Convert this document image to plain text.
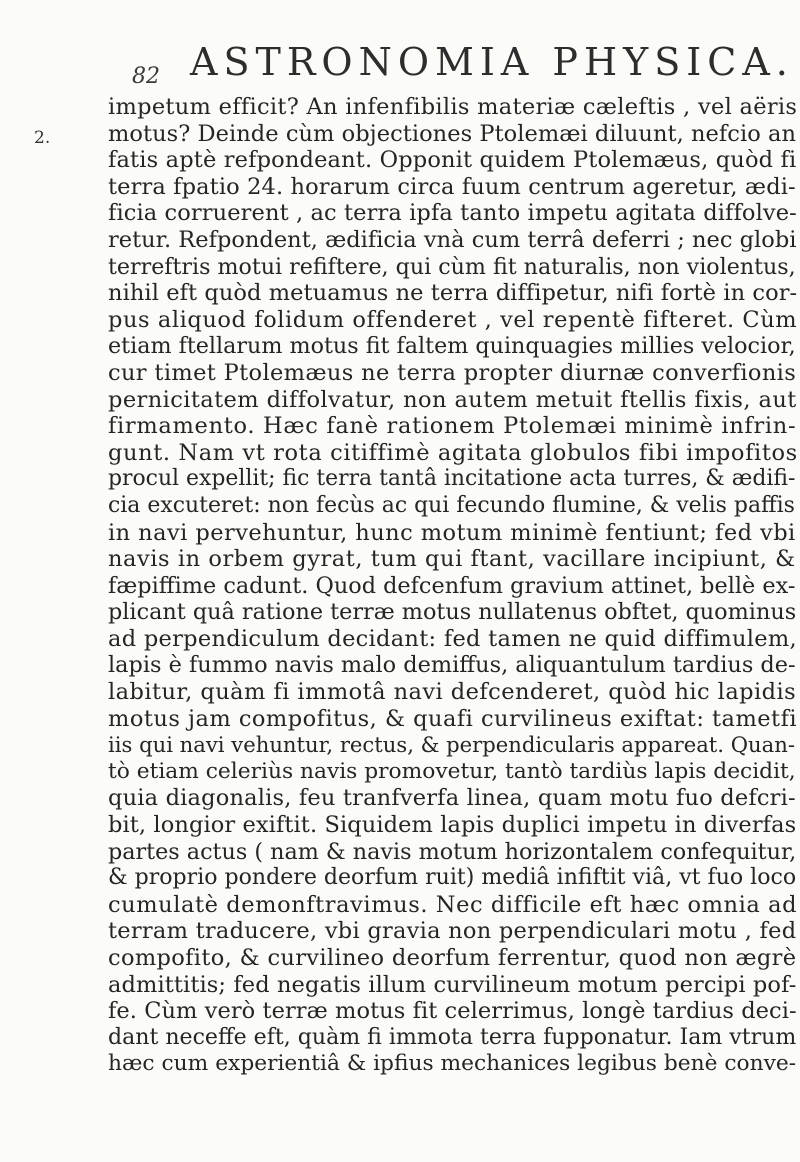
82 ASTRONOMIA PHYSICA.
2.
impetum efficit? An infenfibilis materiæ cæleftis , vel aëris
motus? Deinde cùm objectiones Ptolemæi diluunt, nefcio an
fatis aptè refpondeant. Opponit quidem Ptolemæus, quòd fi
terra fpatio 24. horarum circa fuum centrum ageretur, ædi-
ficia corruerent , ac terra ipfa tanto impetu agitata diffolve-
retur. Refpondent, ædificia vnà cum terrâ deferri ; nec globi
terreftris motui refiftere, qui cùm fit naturalis, non violentus,
nihil eft quòd metuamus ne terra diffipetur, nifi fortè in cor-
pus aliquod folidum offenderet , vel repentè fifteret. Cùm
etiam ftellarum motus fit faltem quinquagies millies velocior,
cur timet Ptolemæus ne terra propter diurnæ converfionis
pernicitatem diffolvatur, non autem metuit ftellis fixis, aut
firmamento. Hæc fanè rationem Ptolemæi minimè infrin-
gunt. Nam vt rota citiffimè agitata globulos fibi impofitos
procul expellit; fic terra tantâ incitatione acta turres, & ædifi-
cia excuteret: non fecùs ac qui fecundo flumine, & velis paffis
in navi pervehuntur, hunc motum minimè fentiunt; fed vbi
navis in orbem gyrat, tum qui ftant, vacillare incipiunt, &
fæpiffime cadunt. Quod defcenfum gravium attinet, bellè ex-
plicant quâ ratione terræ motus nullatenus obftet, quominus
ad perpendiculum decidant: fed tamen ne quid diffimulem,
lapis è fummo navis malo demiffus, aliquantulum tardius de-
labitur, quàm fi immotâ navi defcenderet, quòd hic lapidis
motus jam compofitus, & quafi curvilineus exiftat: tametfi
iis qui navi vehuntur, rectus, & perpendicularis appareat. Quan-
tò etiam celeriùs navis promovetur, tantò tardiùs lapis decidit,
quia diagonalis, feu tranfverfa linea, quam motu fuo defcri-
bit, longior exiftit. Siquidem lapis duplici impetu in diverfas
partes actus ( nam & navis motum horizontalem confequitur,
& proprio pondere deorfum ruit) mediâ infiftit viâ, vt fuo loco
cumulatè demonftravimus. Nec difficile eft hæc omnia ad
terram traducere, vbi gravia non perpendiculari motu , fed
compofito, & curvilineo deorfum ferrentur, quod non ægrè
admittitis; fed negatis illum curvilineum motum percipi pof-
fe. Cùm verò terræ motus fit celerrimus, longè tardius deci-
dant neceffe eft, quàm fi immota terra fupponatur. Iam vtrum
hæc cum experientiâ & ipfius mechanices legibus benè conve-
